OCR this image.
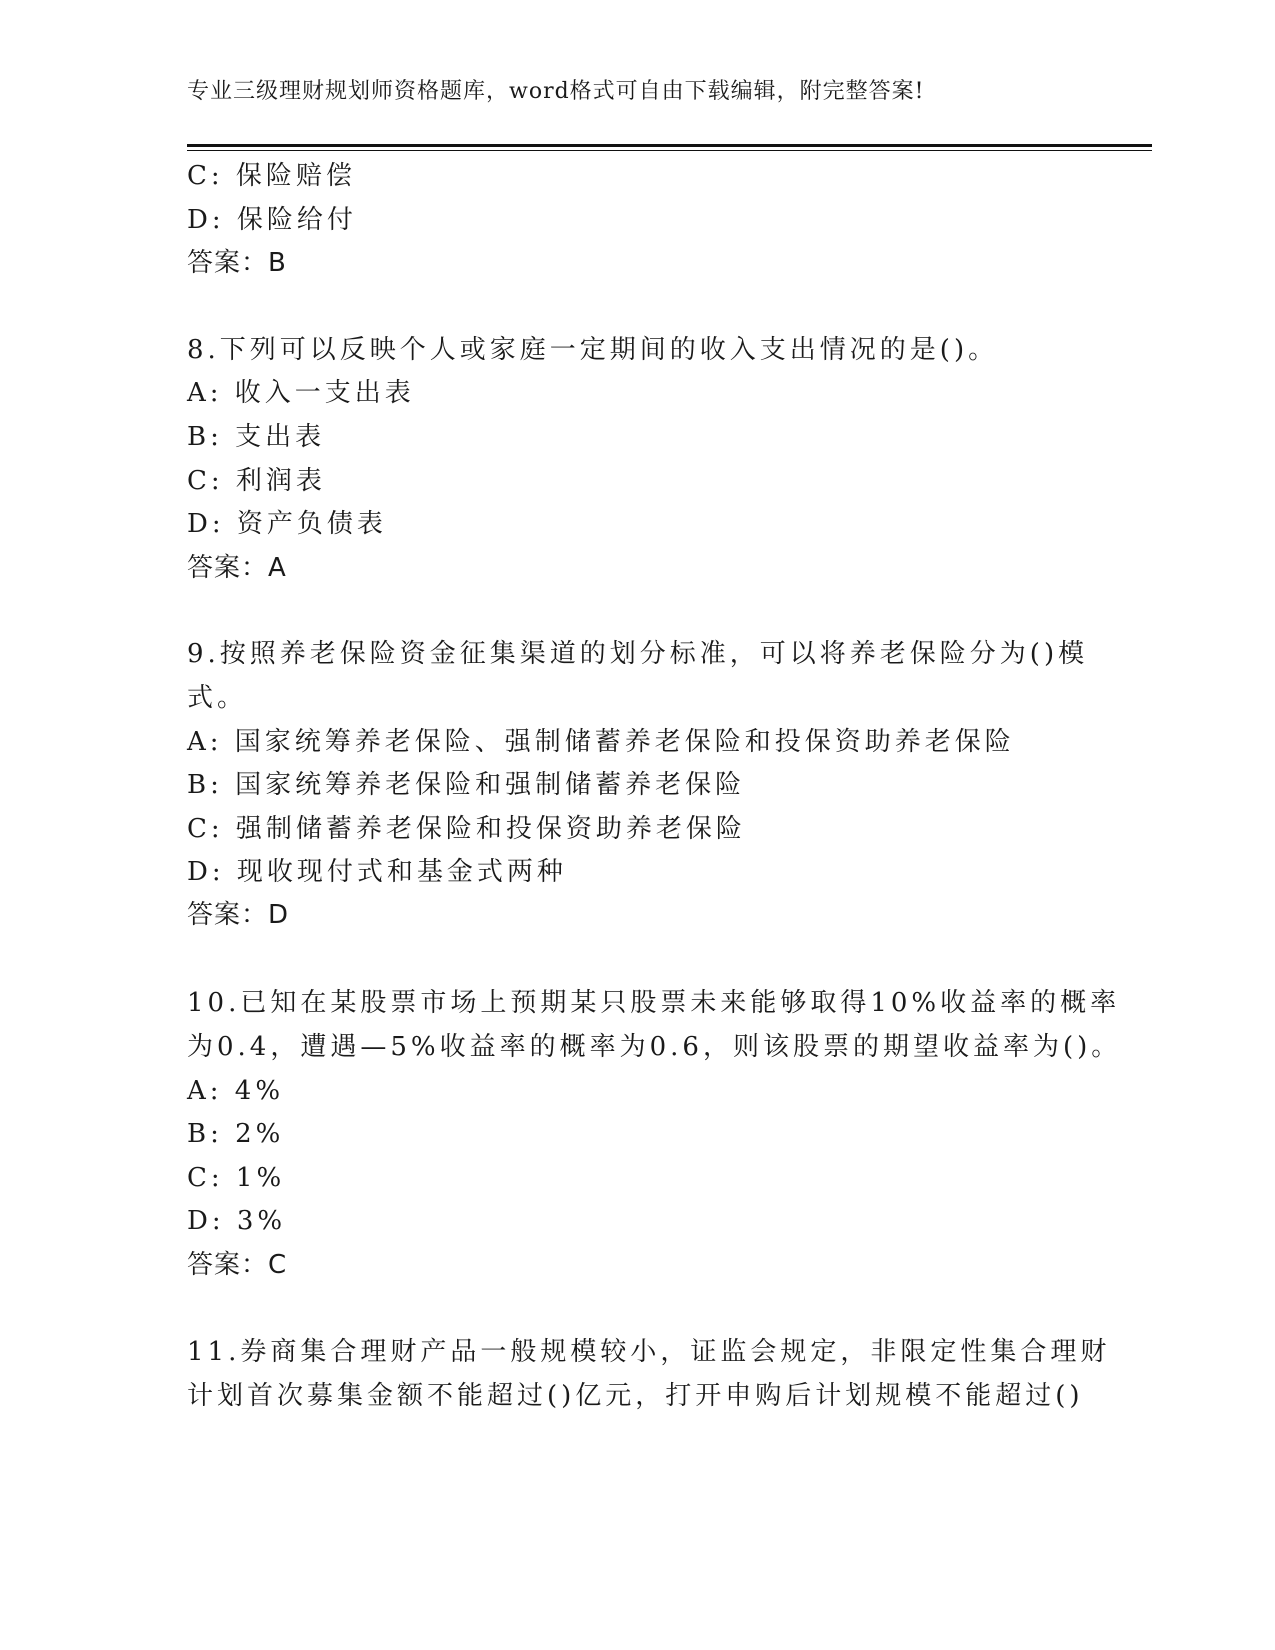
专业三级理财规划师资格题库，word格式可自由下载编辑，附完整答案!
C: 保险赔偿
D: 保险给付
答案：B
8.下列可以反映个人或家庭一定期间的收入支出情况的是()。
A: 收入一支出表
B: 支出表
C: 利润表
D: 资产负债表
答案：A
9.按照养老保险资金征集渠道的划分标准，可以将养老保险分为()模
式。
A: 国家统筹养老保险、强制储蓄养老保险和投保资助养老保险
B: 国家统筹养老保险和强制储蓄养老保险
C: 强制储蓄养老保险和投保资助养老保险
D: 现收现付式和基金式两种
答案：D
10.已知在某股票市场上预期某只股票未来能够取得10%收益率的概率
为0.4，遭遇—5%收益率的概率为0.6，则该股票的期望收益率为()。
A: 4%
B: 2%
C: 1%
D: 3%
答案：C
11.券商集合理财产品一般规模较小，证监会规定，非限定性集合理财
计划首次募集金额不能超过()亿元，打开申购后计划规模不能超过()
